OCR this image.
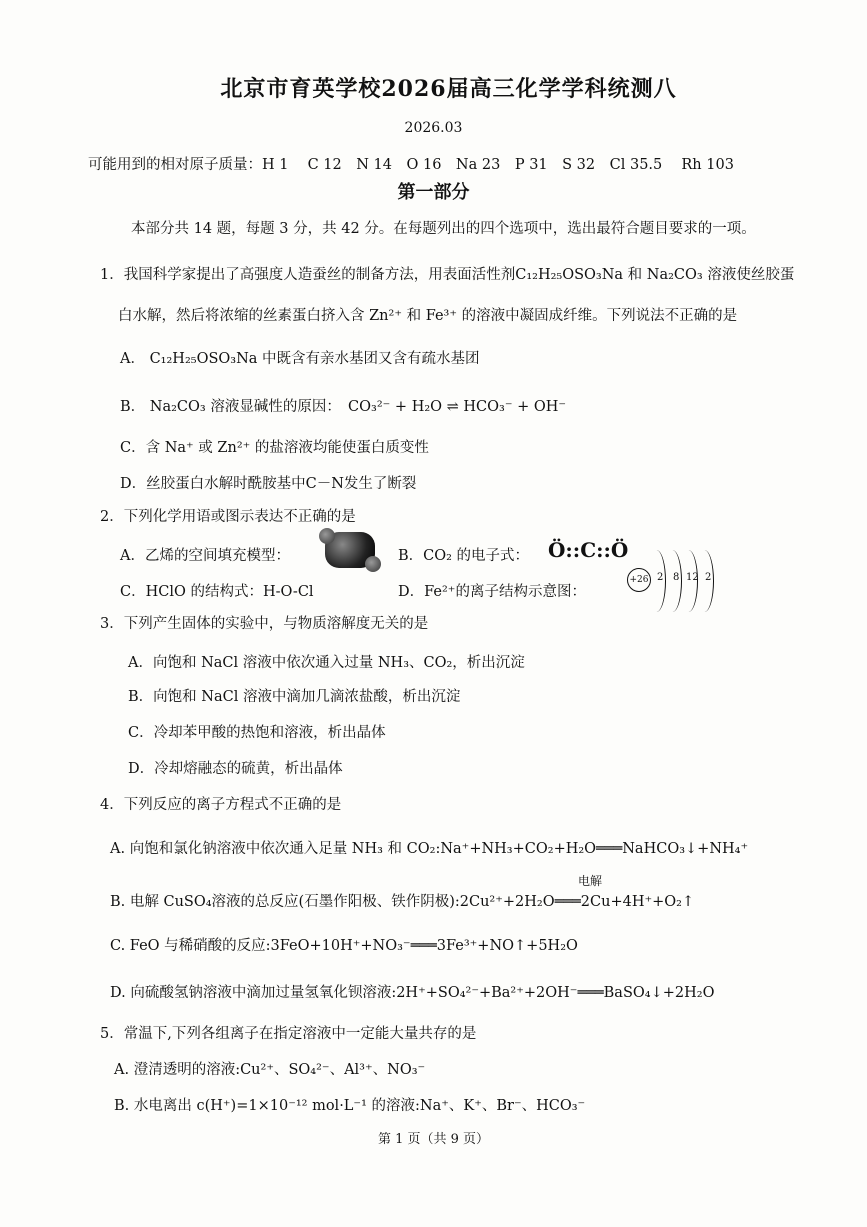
北京市育英学校2026届高三化学学科统测八
2026.03
可能用到的相对原子质量：H 1　 C 12　N 14　O 16　Na 23　P 31　S 32　Cl 35.5　 Rh 103
第一部分
本部分共 14 题，每题 3 分，共 42 分。在每题列出的四个选项中，选出最符合题目要求的一项。
1．我国科学家提出了高强度人造蚕丝的制备方法，用表面活性剂C₁₂H₂₅OSO₃Na 和 Na₂CO₃ 溶液使丝胶蛋
白水解，然后将浓缩的丝素蛋白挤入含 Zn²⁺ 和 Fe³⁺ 的溶液中凝固成纤维。下列说法不正确的是
A． C₁₂H₂₅OSO₃Na 中既含有亲水基团又含有疏水基团
B． Na₂CO₃ 溶液显碱性的原因：　CO₃²⁻ + H₂O ⇌ HCO₃⁻ + OH⁻
C．含 Na⁺ 或 Zn²⁺ 的盐溶液均能使蛋白质变性
D．丝胶蛋白水解时酰胺基中C－N发生了断裂
2．下列化学用语或图示表达不正确的是
A．乙烯的空间填充模型：	B．CO₂ 的电子式： Ö::C::Ö
C．HClO 的结构式：H-O-Cl	D．Fe²⁺的离子结构示意图：
+26 2 8 12 2
3．下列产生固体的实验中，与物质溶解度无关的是
A．向饱和 NaCl 溶液中依次通入过量 NH₃、CO₂，析出沉淀
B．向饱和 NaCl 溶液中滴加几滴浓盐酸，析出沉淀
C．冷却苯甲酸的热饱和溶液，析出晶体
D．冷却熔融态的硫黄，析出晶体
4．下列反应的离子方程式不正确的是
A. 向饱和氯化钠溶液中依次通入足量 NH₃ 和 CO₂:Na⁺+NH₃+CO₂+H₂O═══NaHCO₃↓+NH₄⁺
电解
B. 电解 CuSO₄溶液的总反应(石墨作阳极、铁作阴极):2Cu²⁺+2H₂O═══2Cu+4H⁺+O₂↑
C. FeO 与稀硝酸的反应:3FeO+10H⁺+NO₃⁻═══3Fe³⁺+NO↑+5H₂O
D. 向硫酸氢钠溶液中滴加过量氢氧化钡溶液:2H⁺+SO₄²⁻+Ba²⁺+2OH⁻═══BaSO₄↓+2H₂O
5．常温下,下列各组离子在指定溶液中一定能大量共存的是
A. 澄清透明的溶液:Cu²⁺、SO₄²⁻、Al³⁺、NO₃⁻
B. 水电离出 c(H⁺)=1×10⁻¹² mol·L⁻¹ 的溶液:Na⁺、K⁺、Br⁻、HCO₃⁻
第 1 页（共 9 页）
